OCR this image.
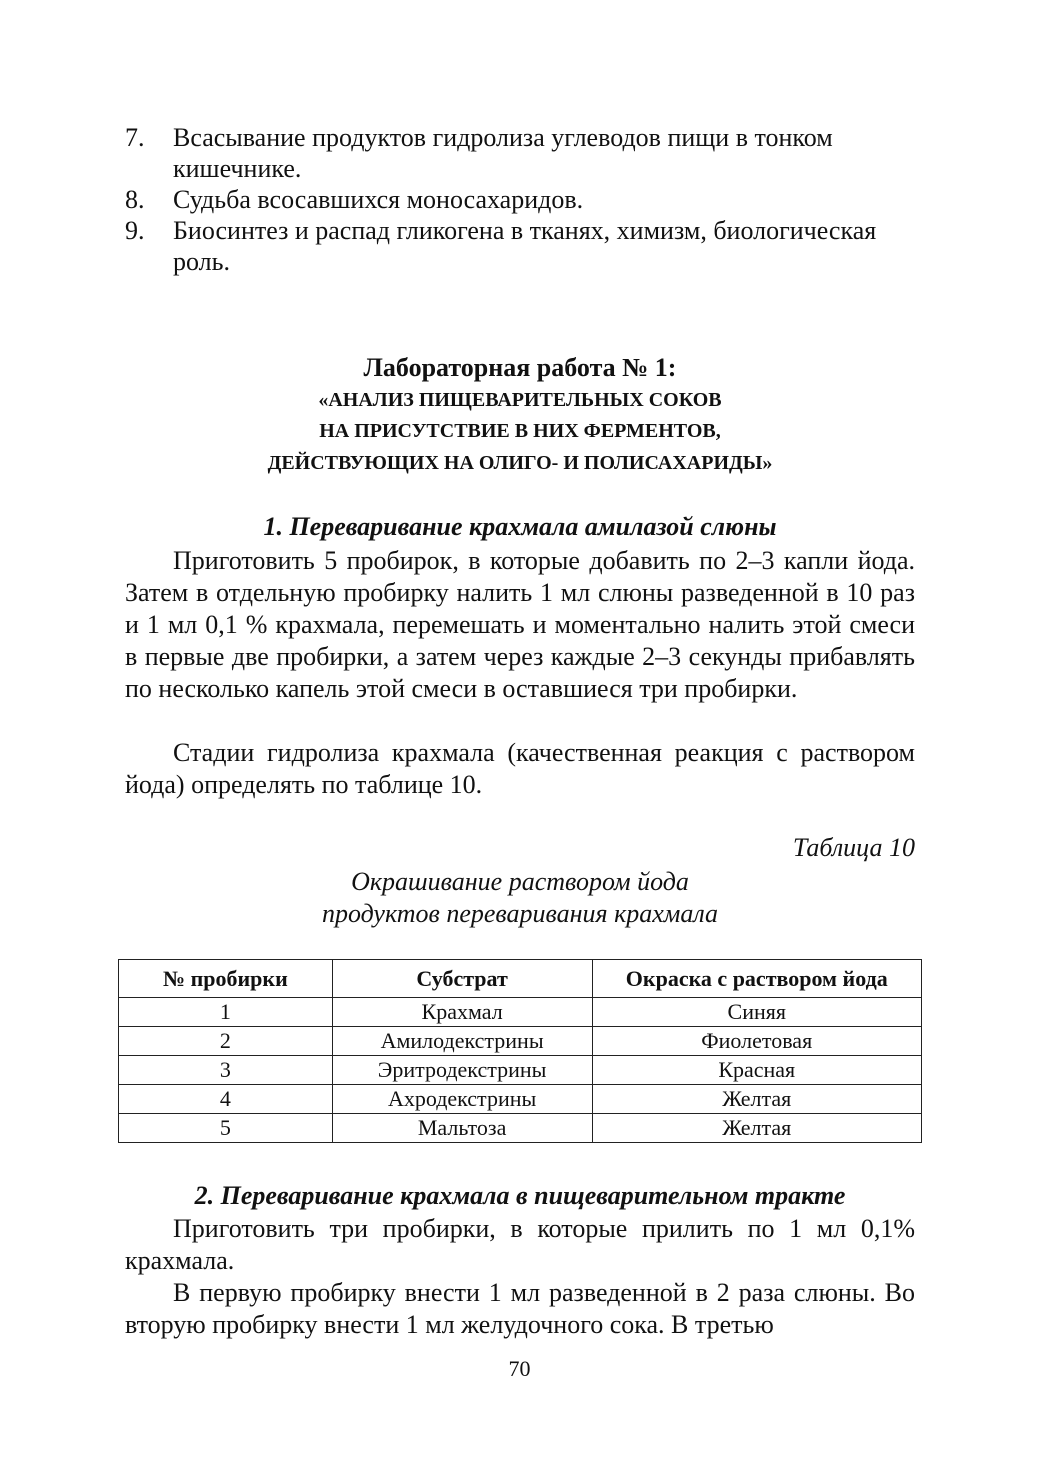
7. Всасывание продуктов гидролиза углеводов пищи в тонком кишечнике.
8. Судьба всосавшихся моносахаридов.
9. Биосинтез и распад гликогена в тканях, химизм, биологическая роль.
Лабораторная работа № 1:
«АНАЛИЗ ПИЩЕВАРИТЕЛЬНЫХ СОКОВ
НА ПРИСУТСТВИЕ В НИХ ФЕРМЕНТОВ,
ДЕЙСТВУЮЩИХ НА ОЛИГО- И ПОЛИСАХАРИДЫ»
1. Переваривание крахмала амилазой слюны

Приготовить 5 пробирок, в которые добавить по 2–3 капли йода. Затем в отдельную пробирку налить 1 мл слюны разведенной в 10 раз и 1 мл 0,1 % крахмала, перемешать и моментально налить этой смеси в первые две пробирки, а затем через каждые 2–3 секунды прибавлять по несколько капель этой смеси в оставшиеся три пробирки.

Стадии гидролиза крахмала (качественная реакция с раствором йода) определять по таблице 10.

Таблица 10
Окрашивание раствором йода
продуктов переваривания крахмала
№ пробирки	Субстрат	Окраска с раствором йода
1	Крахмал	Синяя
2	Амилодекстрины	Фиолетовая
3	Эритродекстрины	Красная
4	Ахродекстрины	Желтая
5	Мальтоза	Желтая
2. Переваривание крахмала в пищеварительном тракте

Приготовить три пробирки, в которые прилить по 1 мл 0,1% крахмала.

В первую пробирку внести 1 мл разведенной в 2 раза слюны. Во вторую пробирку внести 1 мл желудочного сока. В третью

70
